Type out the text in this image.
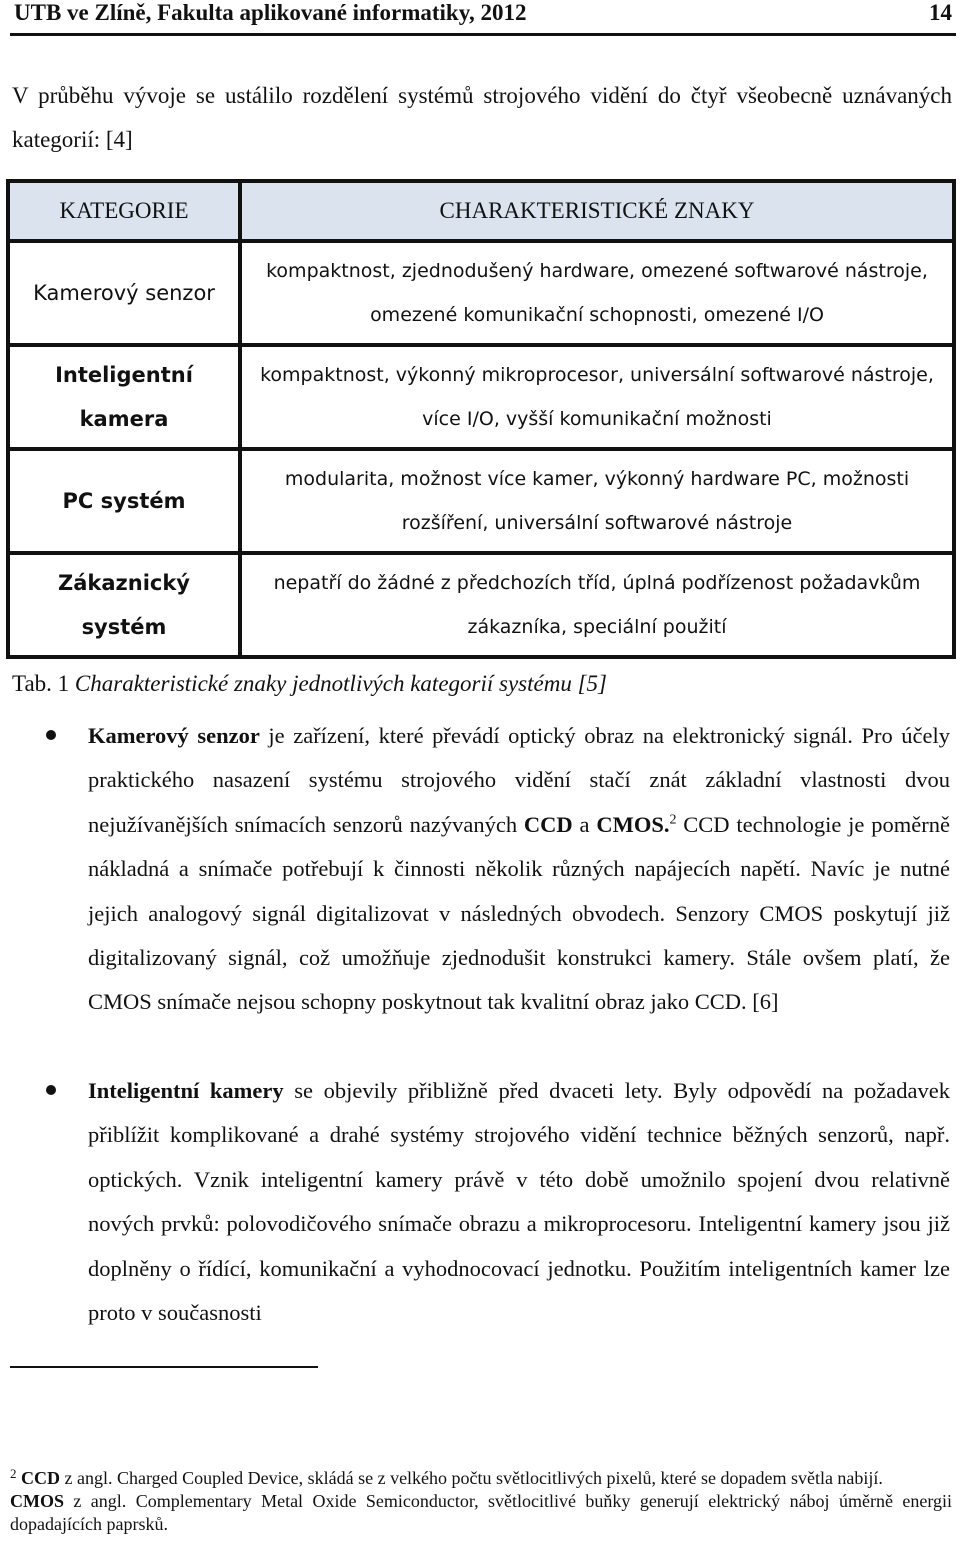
UTB ve Zlíně, Fakulta aplikované informatiky, 2012	14
V průběhu vývoje se ustálilo rozdělení systémů strojového vidění do čtyř všeobecně uznávaných kategorií: [4]
KATEGORIE	CHARAKTERISTICKÉ ZNAKY
Kamerový senzor	kompaktnost, zjednodušený hardware, omezené softwarové nástroje, omezené komunikační schopnosti, omezené I/O
Inteligentní kamera	kompaktnost, výkonný mikroprocesor, universální softwarové nástroje, více I/O, vyšší komunikační možnosti
PC systém	modularita, možnost více kamer, výkonný hardware PC, možnosti rozšíření, universální softwarové nástroje
Zákaznický systém	nepatří do žádné z předchozích tříd, úplná podřízenost požadavkům zákazníka, speciální použití
Tab. 1 Charakteristické znaky jednotlivých kategorií systému [5]
Kamerový senzor je zařízení, které převádí optický obraz na elektronický signál. Pro účely praktického nasazení systému strojového vidění stačí znát základní vlastnosti dvou nejužívanějších snímacích senzorů nazývaných CCD a CMOS.$^2$ CCD technologie je poměrně nákladná a snímače potřebují k činnosti několik různých napájecích napětí. Navíc je nutné jejich analogový signál digitalizovat v následných obvodech. Senzory CMOS poskytují již digitalizovaný signál, což umožňuje zjednodušit konstrukci kamery. Stále ovšem platí, že CMOS snímače nejsou schopny poskytnout tak kvalitní obraz jako CCD. [6]
Inteligentní kamery se objevily přibližně před dvaceti lety. Byly odpovědí na požadavek přiblížit komplikované a drahé systémy strojového vidění technice běžných senzorů, např. optických. Vznik inteligentní kamery právě v této době umožnilo spojení dvou relativně nových prvků: polovodičového snímače obrazu a mikroprocesoru. Inteligentní kamery jsou již doplněny o řídící, komunikační a vyhodnocovací jednotku. Použitím inteligentních kamer lze proto v současnosti
$^2$ CCD z angl. Charged Coupled Device, skládá se z velkého počtu světlocitlivých pixelů, které se dopadem světla nabijí.
CMOS z angl. Complementary Metal Oxide Semiconductor, světlocitlivé buňky generují elektrický náboj úměrně energii dopadajících paprsků.
